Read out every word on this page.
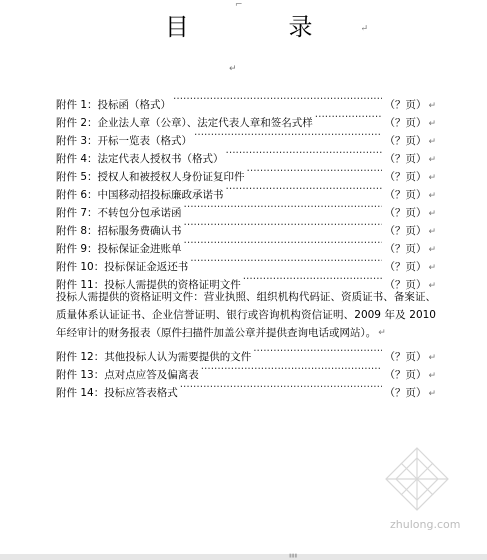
⌐
目 录 ↵
↵
附件 1： 投标函（格式） ·····	（？页） ↵
附件 2： 企业法人章（公章）、法定代表人章和签名式样 ·····	（？页） ↵
附件 3： 开标一览表（格式） ·····	（？页） ↵
附件 4： 法定代表人授权书（格式） ·····	（？页） ↵
附件 5： 授权人和被授权人身份证复印件 ·····	（？页） ↵
附件 6： 中国移动招投标廉政承诺书 ·····	（？页） ↵
附件 7： 不转包分包承诺函 ·····	（？页） ↵
附件 8： 招标服务费确认书 ·····	（？页） ↵
附件 9： 投标保证金进账单 ·····	（？页） ↵
附件 10： 投标保证金返还书 ·····	（？页） ↵
附件 11： 投标人需提供的资格证明文件 ·····	（？页） ↵
投标人需提供的资格证明文件：营业执照、组织机构代码证、资质证书、备案证、质量体系认证证书、企业信誉证明、银行或咨询机构资信证明、2009 年及 2010 年经审计的财务报表（原件扫描件加盖公章并提供查询电话或网站）。 ↵
附件 12： 其他投标人认为需要提供的文件 ·····	（？页） ↵
附件 13： 点对点应答及偏离表 ·····	（？页） ↵
附件 14： 投标应答表格式 ·····	（？页） ↵
zhulong.com
▮▮▮
